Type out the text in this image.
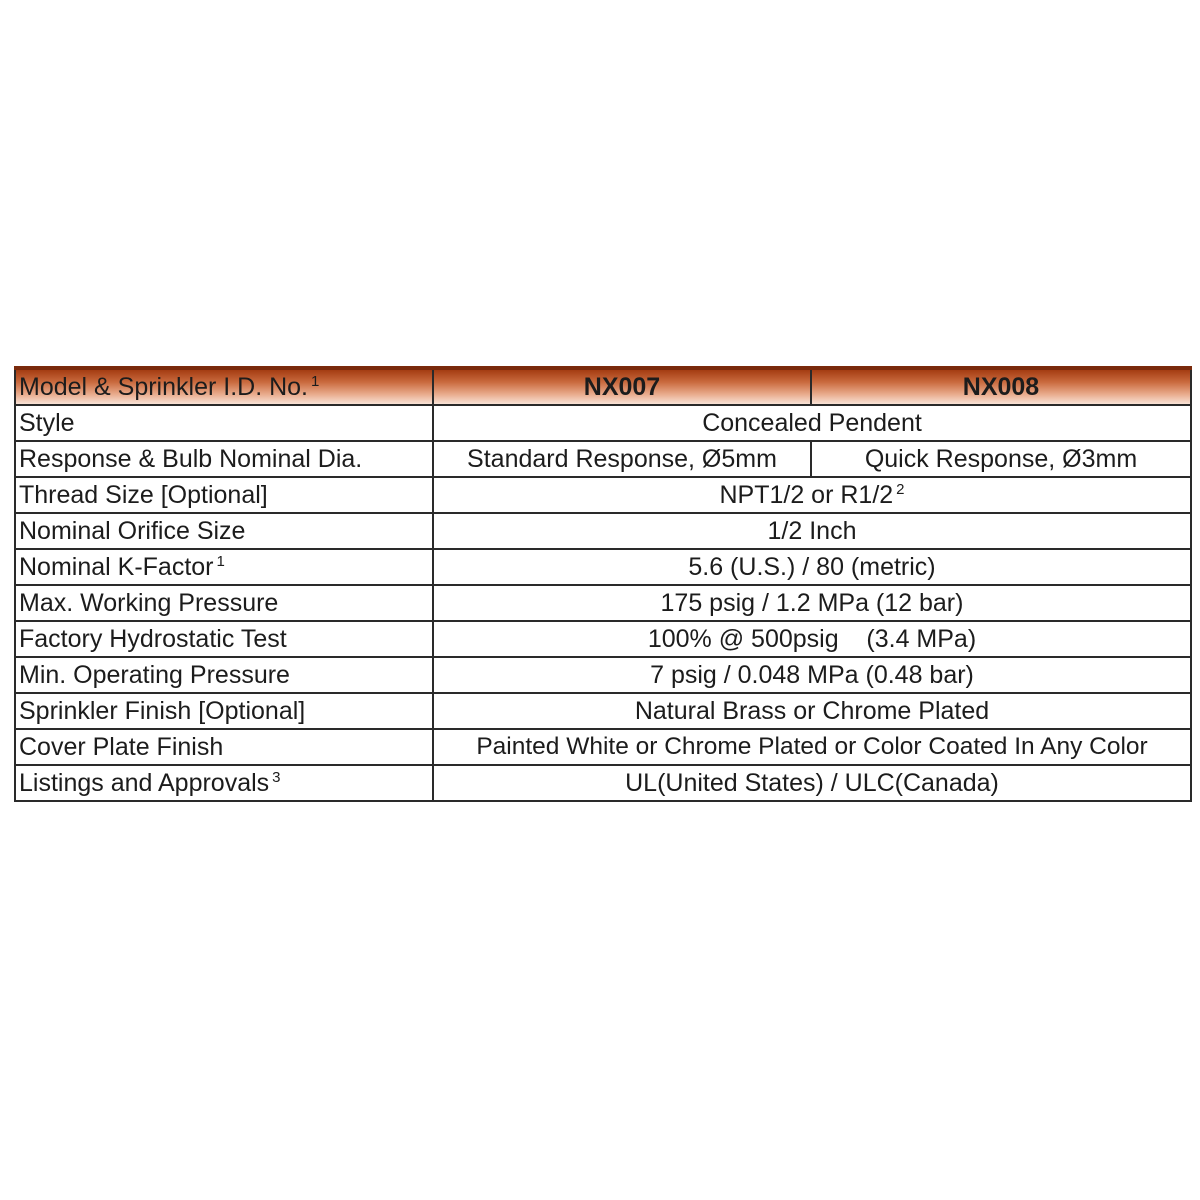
Model & Sprinkler I.D. No. $^1$	NX007	NX008
Style	Concealed Pendent	
Response & Bulb Nominal Dia.	Standard Response, Ø5mm	Quick Response, Ø3mm
Thread Size [Optional]	NPT1/2 or R1/2 $^2$
Nominal Orifice Size	1/2 Inch	
Nominal K-Factor $^1$	5.6 (U.S.) / 80 (metric)	
Max. Working Pressure	175 psig / 1.2 MPa (12 bar)	
Factory Hydrostatic Test	100% @ 500psig    (3.4 MPa)	
Min. Operating Pressure	7 psig / 0.048 MPa (0.48 bar)	
Sprinkler Finish [Optional]	Natural Brass or Chrome Plated	
Cover Plate Finish	Painted White or Chrome Plated or Color Coated In Any Color	
Listings and Approvals $^3$	UL(United States) / ULC(Canada)	
